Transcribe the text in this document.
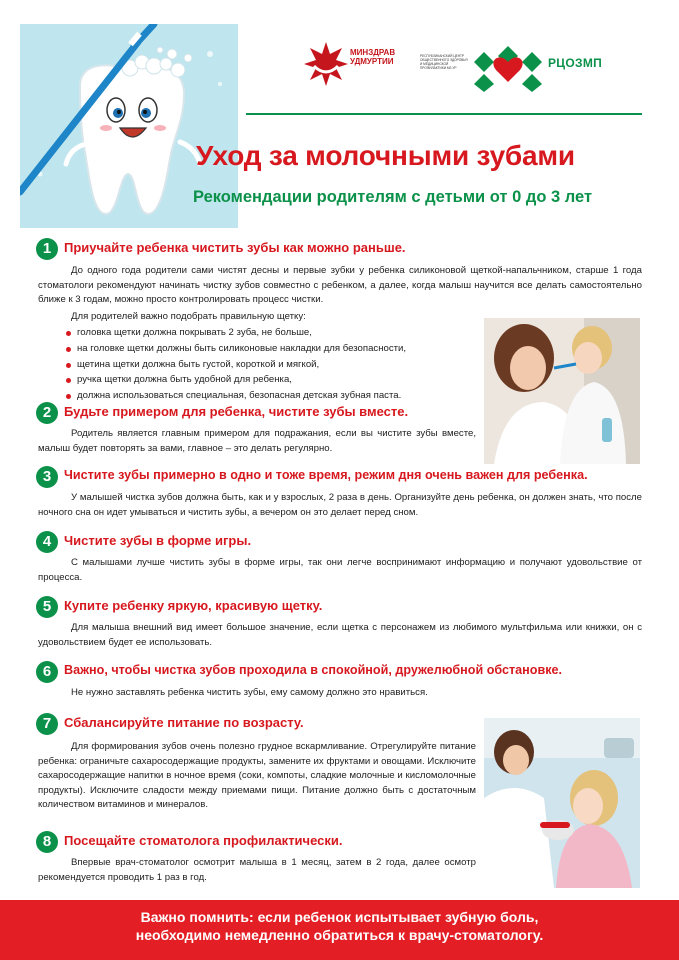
МИНЗДРАВ УДМУРТИИ
РЕСПУБЛИКАНСКИЙ ЦЕНТР ОБЩЕСТВЕННОГО ЗДОРОВЬЯ И МЕДИЦИНСКОЙ ПРОФИЛАКТИКИ МЗ УР	РЦОЗМП
Уход за молочными зубами
Рекомендации родителям с детьми от 0 до 3 лет
1 Приучайте ребенка чистить зубы как можно раньше.
До одного года родители сами чистят десны и первые зубки у ребенка силиконовой щеткой-напальчником, старше 1 года стоматологи рекомендуют начинать чистку зубов совместно с ребенком, а далее, когда малыш научится все делать самостоятельно ближе к 3 годам, можно просто контролировать процесс чистки.
Для родителей важно подобрать правильную щетку:
головка щетки должна покрывать 2 зуба, не больше,
на головке щетки должны быть силиконовые накладки для безопасности,
щетина щетки должна быть густой, короткой и мягкой,
ручка щетки должна быть удобной для ребенка,
должна использоваться специальная, безопасная детская зубная паста.
2 Будьте примером для ребенка, чистите зубы вместе.
Родитель является главным примером для подражания, если вы чистите зубы вместе, малыш будет повторять за вами, главное – это делать регулярно.
3	Чистите зубы примерно в одно и тоже время, режим дня очень важен для ребенка.
У малышей чистка зубов должна быть, как и у взрослых, 2 раза в день. Организуйте день ребенка, он должен знать, что после ночного сна он идет умываться и чистить зубы, а вечером он это делает перед сном.
4 Чистите зубы в форме игры.
С малышами лучше чистить зубы в форме игры, так они легче воспринимают информацию и получают удовольствие от процесса.
5 Купите ребенку яркую, красивую щетку.
Для малыша внешний вид имеет большое значение, если щетка с персонажем из любимого мультфильма или книжки, он с удовольствием будет ее использовать.
6	Важно, чтобы чистка зубов проходила в спокойной, дружелюбной обстановке.
Не нужно заставлять ребенка чистить зубы, ему самому должно это нравиться.
7 Сбалансируйте питание по возрасту.
Для формирования зубов очень полезно грудное вскармливание. Отрегулируйте питание ребенка: ограничьте сахаросодержащие продукты, замените их фруктами и овощами. Исключите сахаросодержащие напитки в ночное время (соки, компоты, сладкие молочные и кисломолочные продукты). Исключите сладости между приемами пищи. Питание должно быть с достаточным количеством витаминов и минералов.
8 Посещайте стоматолога профилактически.
Впервые врач-стоматолог осмотрит малыша в 1 месяц, затем в 2 года, далее осмотр рекомендуется проводить 1 раз в год.
Важно помнить: если ребенок испытывает зубную боль,
необходимо немедленно обратиться к врачу-стоматологу.
